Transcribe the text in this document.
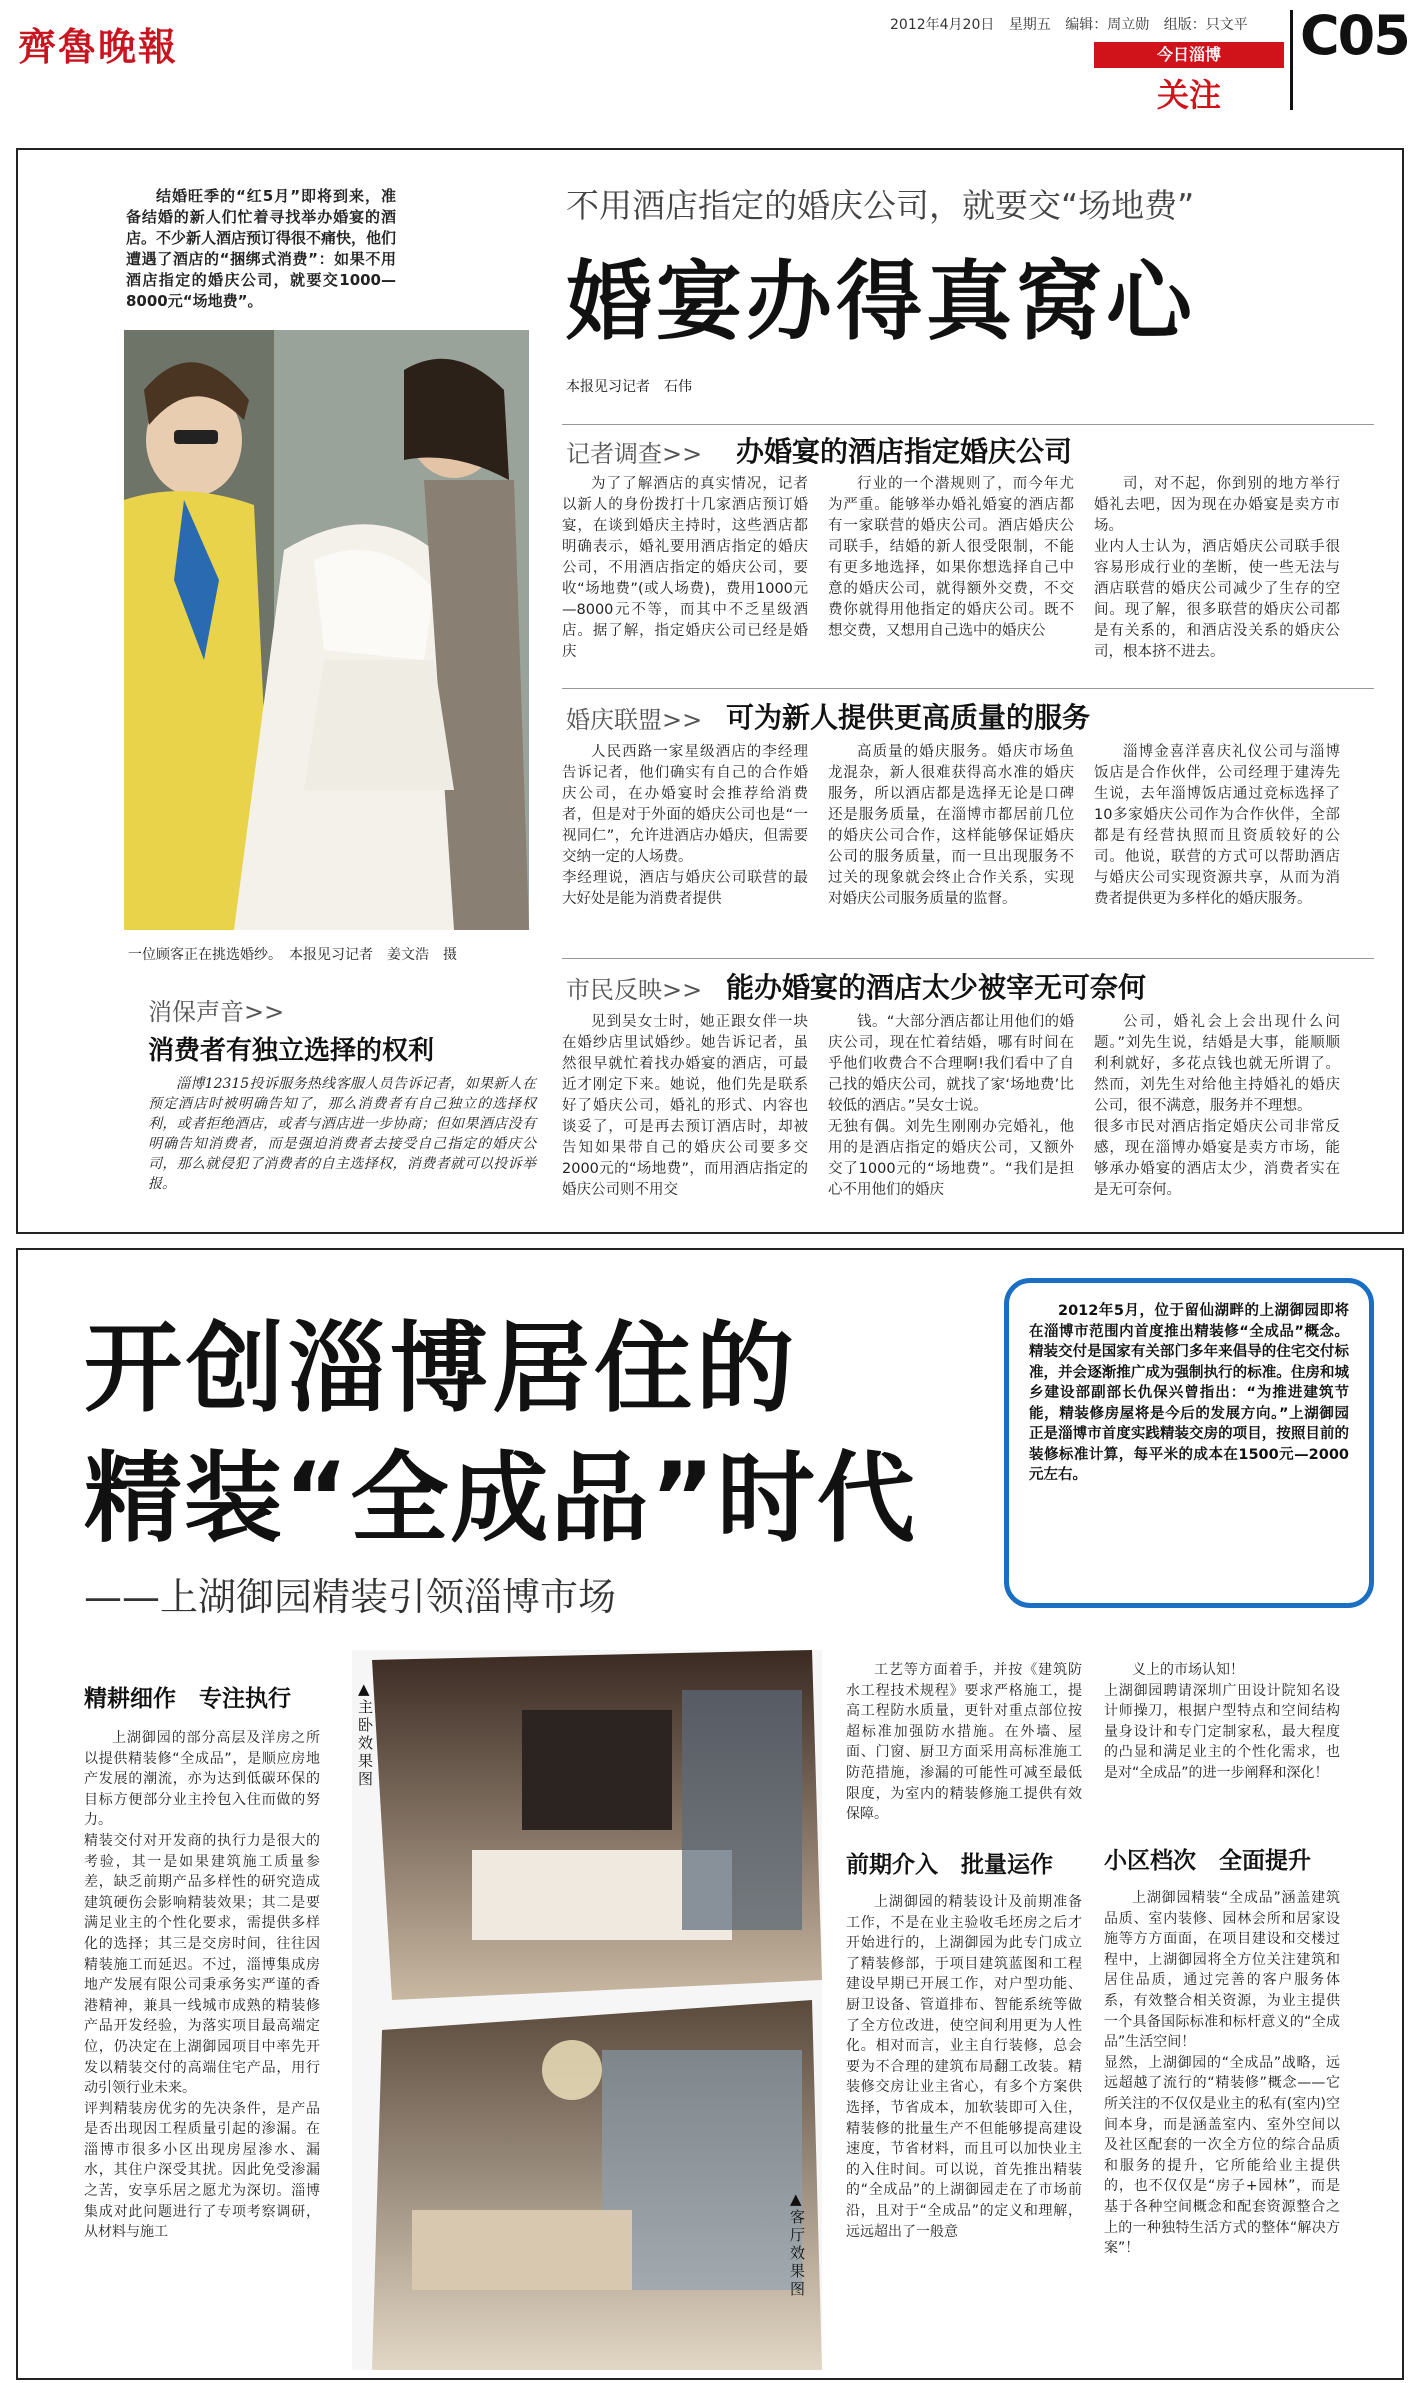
齊魯晚報	2012年4月20日 星期五 编辑：周立勋 组版：只文平
今日淄博
关注
C05

结婚旺季的“红5月”即将到来，准备结婚的新人们忙着寻找举办婚宴的酒店。不少新人酒店预订得很不痛快，他们遭遇了酒店的“捆绑式消费”：如果不用酒店指定的婚庆公司，就要交1000—8000元“场地费”。

一位顾客正在挑选婚纱。　本报见习记者　姜文浩　摄
不用酒店指定的婚庆公司，就要交“场地费”
婚宴办得真窝心
本报见习记者　石伟
记者调查>> 办婚宴的酒店指定婚庆公司

为了了解酒店的真实情况，记者以新人的身份拨打十几家酒店预订婚宴，在谈到婚庆主持时，这些酒店都明确表示，婚礼要用酒店指定的婚庆公司，不用酒店指定的婚庆公司，要收“场地费”(或人场费)，费用1000元—8000元不等，而其中不乏星级酒店。据了解，指定婚庆公司已经是婚庆

行业的一个潜规则了，而今年尤为严重。能够举办婚礼婚宴的酒店都有一家联营的婚庆公司。酒店婚庆公司联手，结婚的新人很受限制，不能有更多地选择，如果你想选择自己中意的婚庆公司，就得额外交费，不交费你就得用他指定的婚庆公司。既不想交费，又想用自己选中的婚庆公

司，对不起，你到别的地方举行婚礼去吧，因为现在办婚宴是卖方市场。
业内人士认为，酒店婚庆公司联手很容易形成行业的垄断，使一些无法与酒店联营的婚庆公司减少了生存的空间。现了解，很多联营的婚庆公司都是有关系的，和酒店没关系的婚庆公司，根本挤不进去。

婚庆联盟>> 可为新人提供更高质量的服务

人民西路一家星级酒店的李经理告诉记者，他们确实有自己的合作婚庆公司，在办婚宴时会推荐给消费者，但是对于外面的婚庆公司也是“一视同仁”，允许进酒店办婚庆，但需要交纳一定的人场费。
李经理说，酒店与婚庆公司联营的最大好处是能为消费者提供

高质量的婚庆服务。婚庆市场鱼龙混杂，新人很难获得高水准的婚庆服务，所以酒店都是选择无论是口碑还是服务质量，在淄博市都居前几位的婚庆公司合作，这样能够保证婚庆公司的服务质量，而一旦出现服务不过关的现象就会终止合作关系，实现对婚庆公司服务质量的监督。

淄博金喜洋喜庆礼仪公司与淄博饭店是合作伙伴，公司经理于建涛先生说，去年淄博饭店通过竞标选择了10多家婚庆公司作为合作伙伴，全部都是有经营执照而且资质较好的公司。他说，联营的方式可以帮助酒店与婚庆公司实现资源共享，从而为消费者提供更为多样化的婚庆服务。

市民反映>> 能办婚宴的酒店太少被宰无可奈何

见到吴女士时，她正跟女伴一块在婚纱店里试婚纱。她告诉记者，虽然很早就忙着找办婚宴的酒店，可最近才刚定下来。她说，他们先是联系好了婚庆公司，婚礼的形式、内容也谈妥了，可是再去预订酒店时，却被告知如果带自己的婚庆公司要多交2000元的“场地费”，而用酒店指定的婚庆公司则不用交

钱。“大部分酒店都让用他们的婚庆公司，现在忙着结婚，哪有时间在乎他们收费合不合理啊!我们看中了自己找的婚庆公司，就找了家‘场地费’比较低的酒店。”吴女士说。
无独有偶。刘先生刚刚办完婚礼，他用的是酒店指定的婚庆公司，又额外交了1000元的“场地费”。“我们是担心不用他们的婚庆

公司，婚礼会上会出现什么问题。”刘先生说，结婚是大事，能顺顺利利就好，多花点钱也就无所谓了。然而，刘先生对给他主持婚礼的婚庆公司，很不满意，服务并不理想。
很多市民对酒店指定婚庆公司非常反感，现在淄博办婚宴是卖方市场，能够承办婚宴的酒店太少，消费者实在是无可奈何。

消保声音>>
消费者有独立选择的权利

淄博12315投诉服务热线客服人员告诉记者，如果新人在预定酒店时被明确告知了，那么消费者有自己独立的选择权利，或者拒绝酒店，或者与酒店进一步协商；但如果酒店没有明确告知消费者，而是强迫消费者去接受自己指定的婚庆公司，那么就侵犯了消费者的自主选择权，消费者就可以投诉举报。

开创淄博居住的
精装“全成品”时代
——上湖御园精装引领淄博市场

2012年5月，位于留仙湖畔的上湖御园即将在淄博市范围内首度推出精装修“全成品”概念。精装交付是国家有关部门多年来倡导的住宅交付标准，并会逐渐推广成为强制执行的标准。住房和城乡建设部副部长仇保兴曾指出：“为推进建筑节能，精装修房屋将是今后的发展方向。”上湖御园正是淄博市首度实践精装交房的项目，按照目前的装修标准计算，每平米的成本在1500元—2000元左右。

▲主卧效果图
▲客厅效果图
精耕细作　专注执行

上湖御园的部分高层及洋房之所以提供精装修“全成品”，是顺应房地产发展的潮流，亦为达到低碳环保的目标方便部分业主拎包入住而做的努力。
精装交付对开发商的执行力是很大的考验，其一是如果建筑施工质量参差，缺乏前期产品多样性的研究造成建筑硬伤会影响精装效果；其二是要满足业主的个性化要求，需提供多样化的选择；其三是交房时间，往往因精装施工而延迟。不过，淄博集成房地产发展有限公司秉承务实严谨的香港精神，兼具一线城市成熟的精装修产品开发经验，为落实项目最高端定位，仍决定在上湖御园项目中率先开发以精装交付的高端住宅产品，用行动引领行业未来。
评判精装房优劣的先决条件，是产品是否出现因工程质量引起的渗漏。在淄博市很多小区出现房屋渗水、漏水，其住户深受其扰。因此免受渗漏之苦，安享乐居之愿尤为深切。淄博集成对此问题进行了专项考察调研，从材料与施工

工艺等方面着手，并按《建筑防水工程技术规程》要求严格施工，提高工程防水质量，更针对重点部位按超标准加强防水措施。在外墙、屋面、门窗、厨卫方面采用高标准施工防范措施，渗漏的可能性可减至最低限度，为室内的精装修施工提供有效保障。

前期介入　批量运作

上湖御园的精装设计及前期准备工作，不是在业主验收毛坯房之后才开始进行的，上湖御园为此专门成立了精装修部，于项目建筑蓝图和工程建设早期已开展工作，对户型功能、厨卫设备、管道排布、智能系统等做了全方位改进，使空间利用更为人性化。相对而言，业主自行装修，总会要为不合理的建筑布局翻工改装。精装修交房让业主省心，有多个方案供选择，节省成本，加软装即可入住，精装修的批量生产不但能够提高建设速度，节省材料，而且可以加快业主的入住时间。可以说，首先推出精装的“全成品”的上湖御园走在了市场前沿，且对于“全成品”的定义和理解，远远超出了一般意

义上的市场认知！
上湖御园聘请深圳广田设计院知名设计师操刀，根据户型特点和空间结构量身设计和专门定制家私，最大程度的凸显和满足业主的个性化需求，也是对“全成品”的进一步阐释和深化！

小区档次　全面提升

上湖御园精装“全成品”涵盖建筑品质、室内装修、园林会所和居家设施等方方面面，在项目建设和交楼过程中，上湖御园将全方位关注建筑和居住品质，通过完善的客户服务体系，有效整合相关资源，为业主提供一个具备国际标准和标杆意义的“全成品”生活空间！
显然，上湖御园的“全成品”战略，远远超越了流行的“精装修”概念——它所关注的不仅仅是业主的私有(室内)空间本身，而是涵盖室内、室外空间以及社区配套的一次全方位的综合品质和服务的提升，它所能给业主提供的，也不仅仅是“房子+园林”，而是基于各种空间概念和配套资源整合之上的一种独特生活方式的整体“解决方案”！
